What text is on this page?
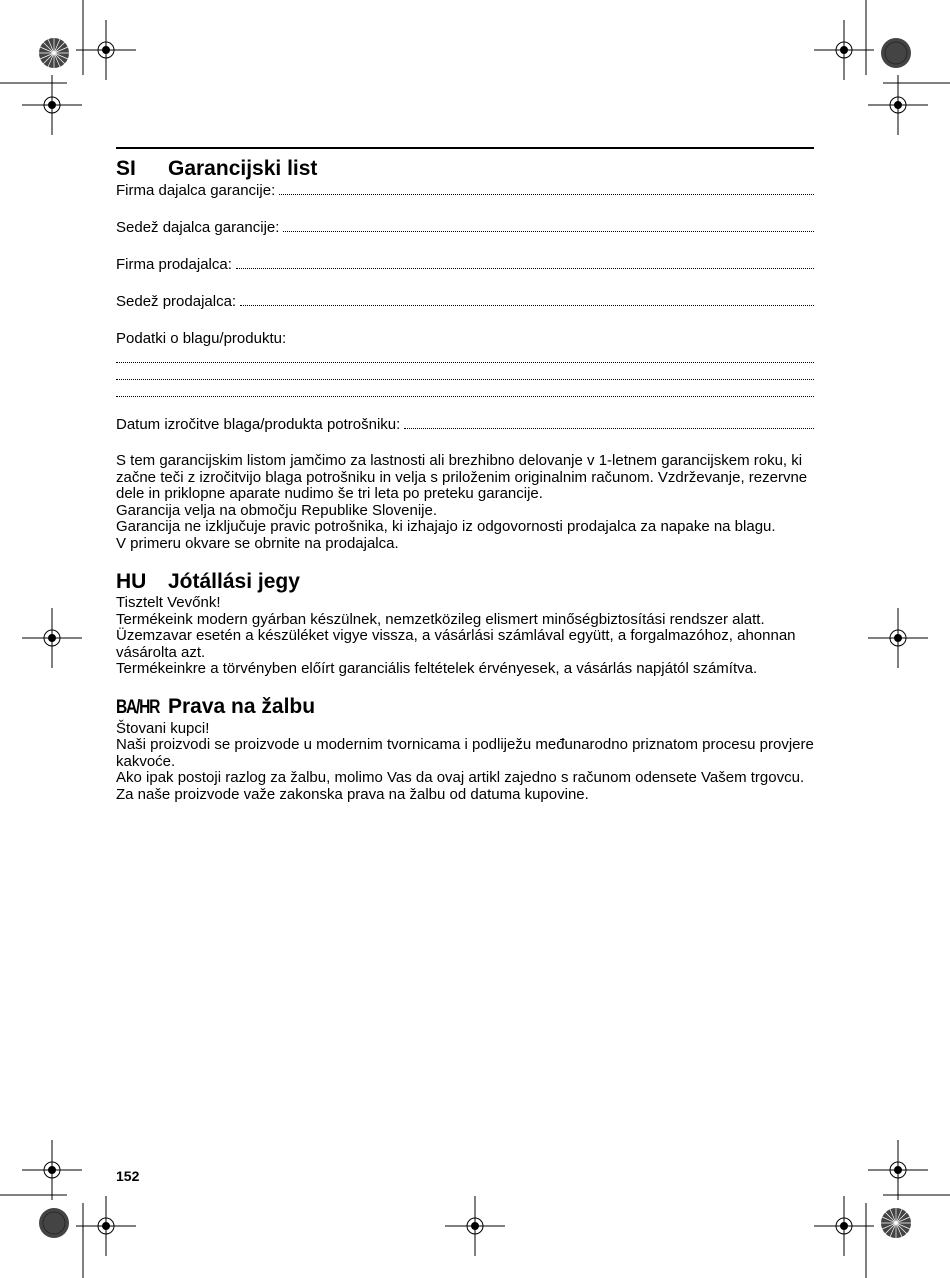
SI	Garancijski list
Firma dajalca garancije:
Sedež dajalca garancije:
Firma prodajalca:
Sedež prodajalca:
Podatki o blagu/produktu:
Datum izročitve blaga/produkta potrošniku:

S tem garancijskim listom jamčimo za lastnosti ali brezhibno delovanje v 1-letnem garancijskem roku, ki začne teči z izročitvijo blaga potrošniku in velja s priloženim originalnim računom. Vzdrževanje, rezervne dele in priklopne aparate nudimo še tri leta po preteku garancije.

Garancija velja na območju Republike Slovenije.

Garancija ne izključuje pravic potrošnika, ki izhajajo iz odgovornosti prodajalca za napake na blagu.

V primeru okvare se obrnite na prodajalca.

HU	Jótállási jegy

Tisztelt Vevőnk!

Termékeink modern gyárban készülnek, nemzetközileg elismert minőségbiztosítási rendszer alatt.

Üzemzavar esetén a készüléket vigye vissza, a vásárlási számlával együtt, a forgalmazóhoz, ahonnan vásárolta azt.

Termékeinkre a törvényben előírt garanciális feltételek érvényesek, a vásárlás napjától számítva.

BA/HR Prava na žalbu

Štovani kupci!

Naši proizvodi se proizvode u modernim tvornicama i podliježu međunarodno priznatom procesu provjere kakvoće.

Ako ipak postoji razlog za žalbu, molimo Vas da ovaj artikl zajedno s računom odensete Vašem trgovcu.

Za naše proizvode važe zakonska prava na žalbu od datuma kupovine.

152
